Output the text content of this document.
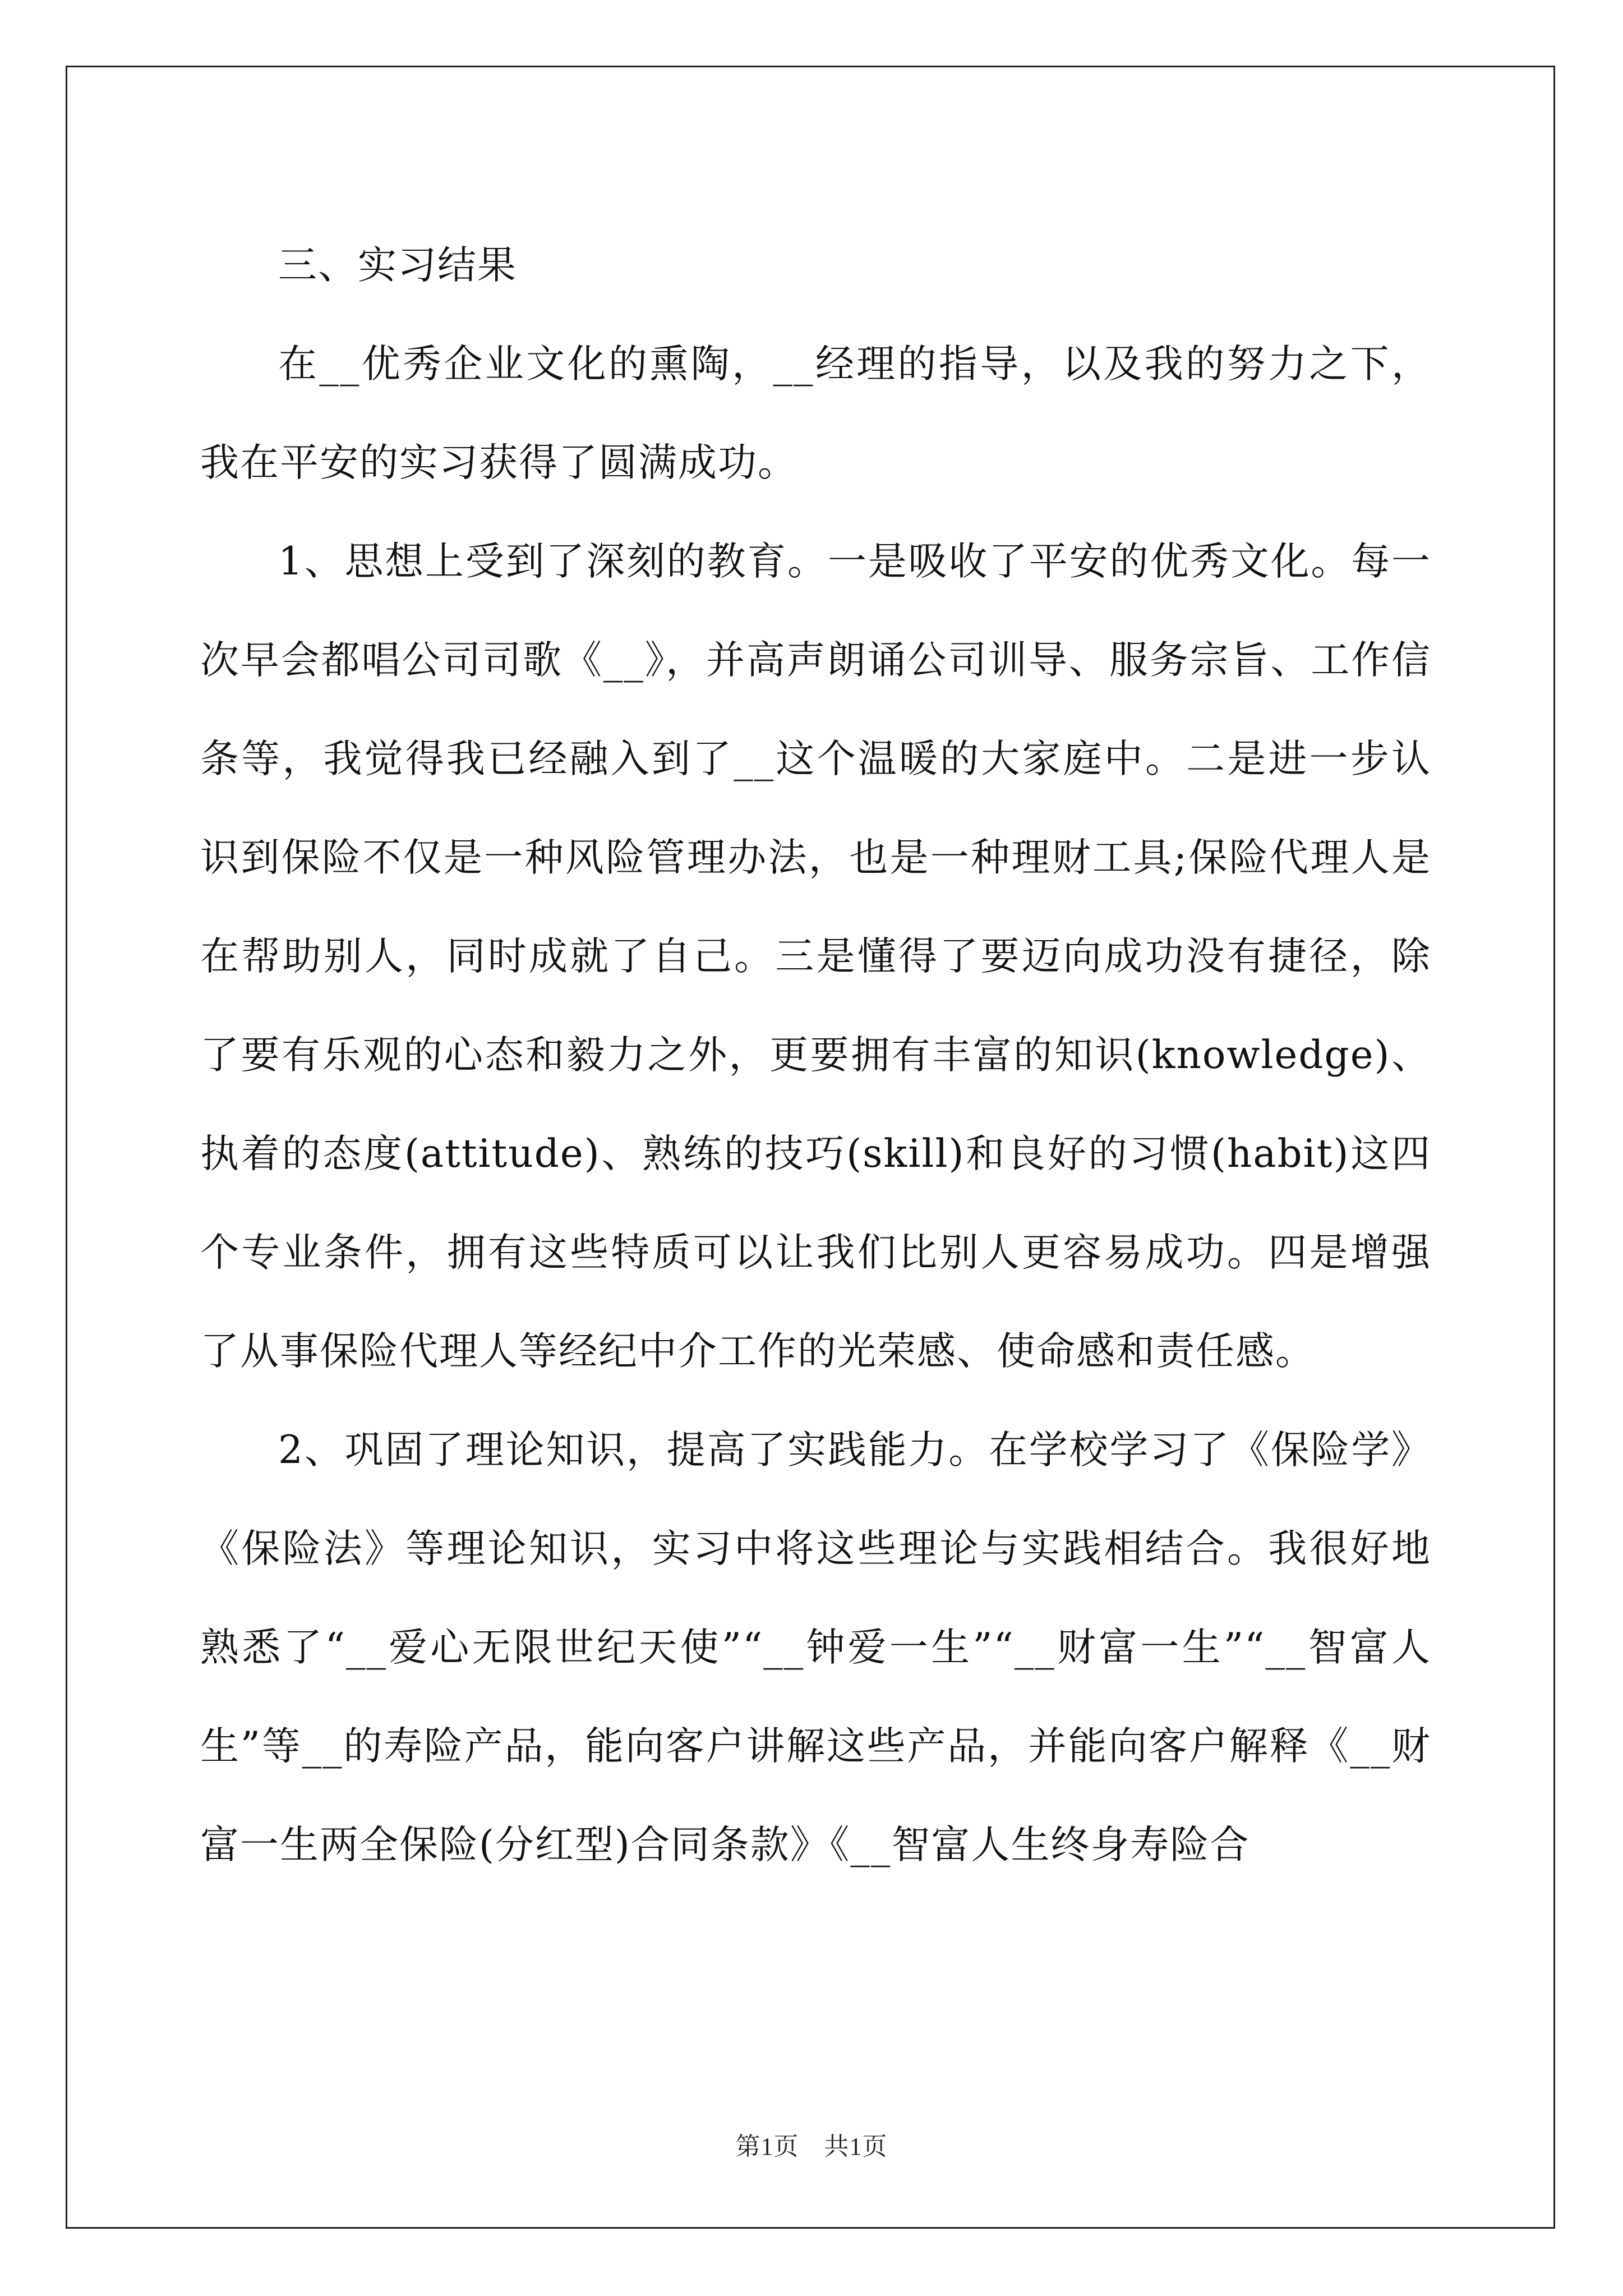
三、实习结果

在__优秀企业文化的熏陶，__经理的指导，以及我的努力之下，我在平安的实习获得了圆满成功。

1、思想上受到了深刻的教育。一是吸收了平安的优秀文化。每一次早会都唱公司司歌《__》，并高声朗诵公司训导、服务宗旨、工作信条等，我觉得我已经融入到了__这个温暖的大家庭中。二是进一步认识到保险不仅是一种风险管理办法，也是一种理财工具;保险代理人是在帮助别人，同时成就了自己。三是懂得了要迈向成功没有捷径，除了要有乐观的心态和毅力之外，更要拥有丰富的知识(knowledge)、执着的态度(attitude)、熟练的技巧(skill)和良好的习惯(habit)这四个专业条件，拥有这些特质可以让我们比别人更容易成功。四是增强了从事保险代理人等经纪中介工作的光荣感、使命感和责任感。

2、巩固了理论知识，提高了实践能力。在学校学习了《保险学》《保险法》等理论知识，实习中将这些理论与实践相结合。我很好地熟悉了“__爱心无限世纪天使”“__钟爱一生”“__财富一生”“__智富人生”等__的寿险产品，能向客户讲解这些产品，并能向客户解释《__财富一生两全保险(分红型)合同条款》《__智富人生终身寿险合

第1页　共1页
